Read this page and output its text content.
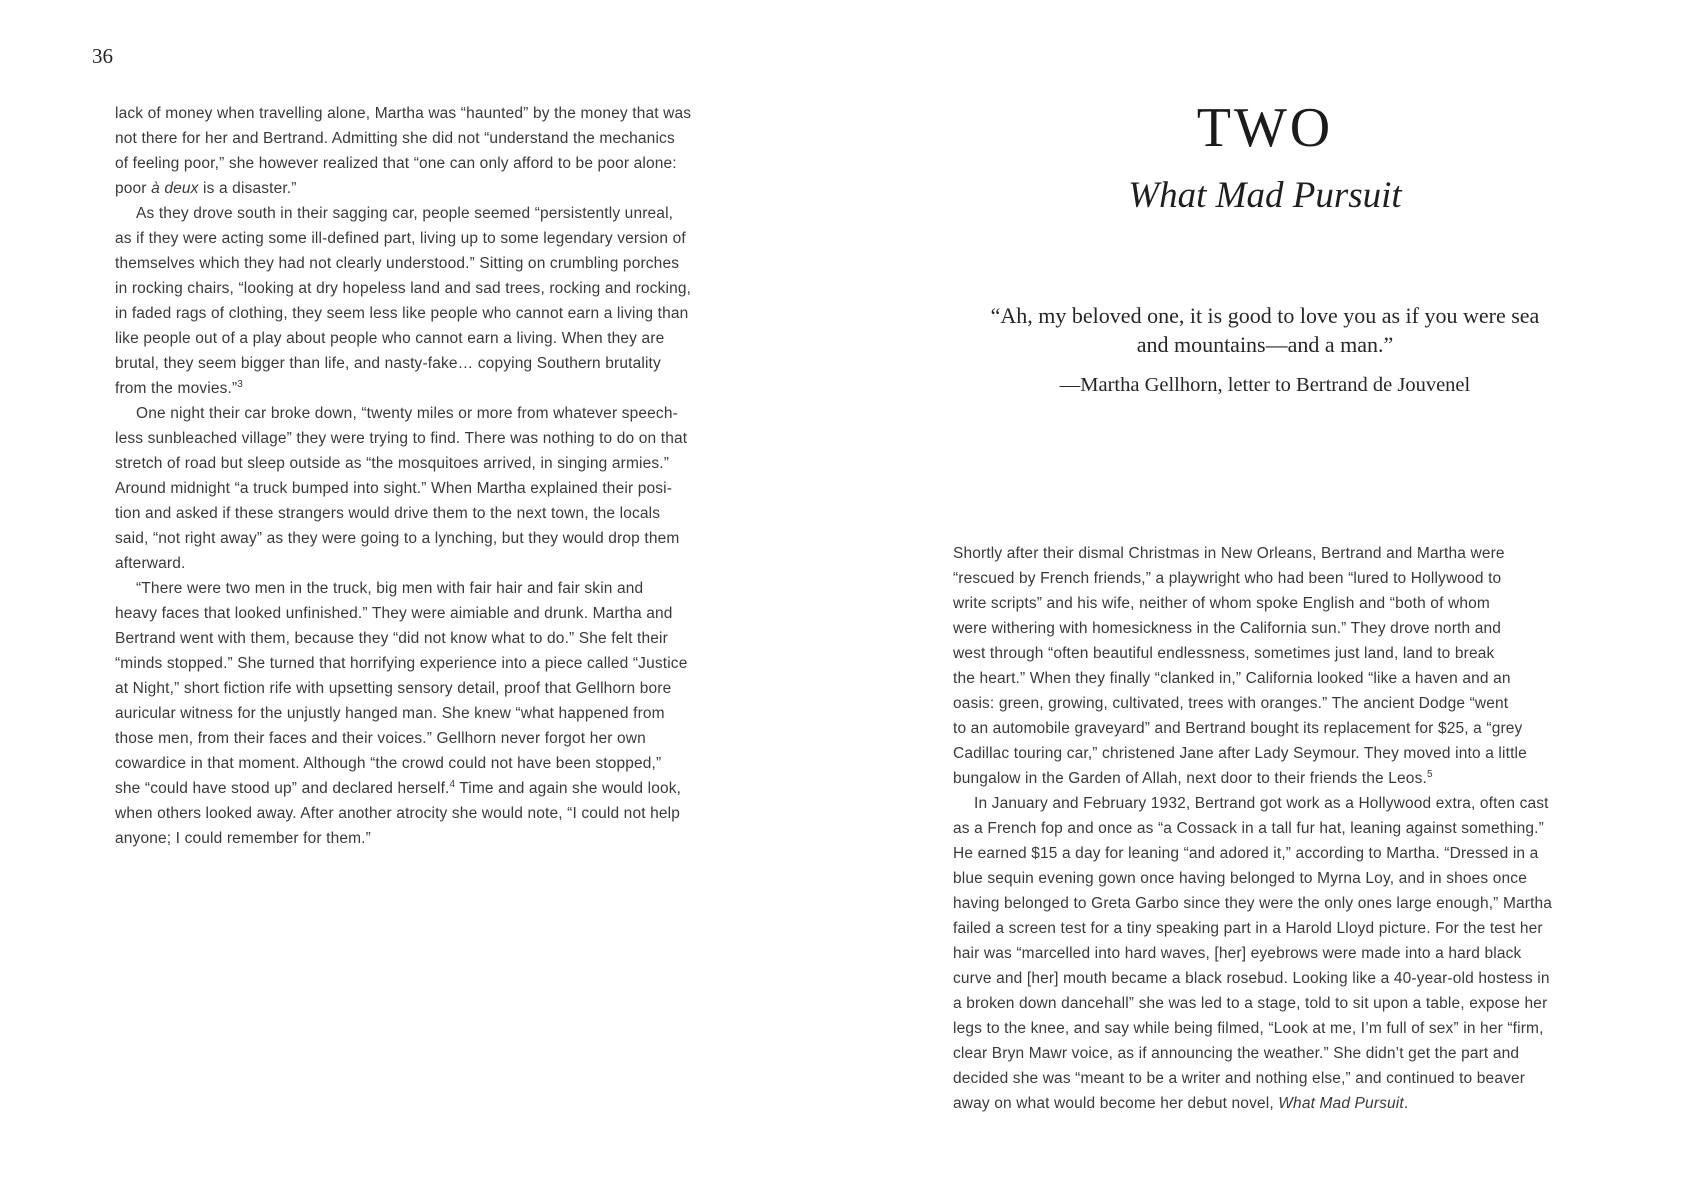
36
lack of money when travelling alone, Martha was “haunted” by the money that was
not there for her and Bertrand. Admitting she did not “understand the mechanics
of feeling poor,” she however realized that “one can only afford to be poor alone:
poor à deux is a disaster.”
As they drove south in their sagging car, people seemed “persistently unreal,
as if they were acting some ill-defined part, living up to some legendary version of
themselves which they had not clearly understood.” Sitting on crumbling porches
in rocking chairs, “looking at dry hopeless land and sad trees, rocking and rocking,
in faded rags of clothing, they seem less like people who cannot earn a living than
like people out of a play about people who cannot earn a living. When they are
brutal, they seem bigger than life, and nasty-fake… copying Southern brutality
from the movies.”$^3$
One night their car broke down, “twenty miles or more from whatever speech-
less sunbleached village” they were trying to find. There was nothing to do on that
stretch of road but sleep outside as “the mosquitoes arrived, in singing armies.”
Around midnight “a truck bumped into sight.” When Martha explained their posi-
tion and asked if these strangers would drive them to the next town, the locals
said, “not right away” as they were going to a lynching, but they would drop them
afterward.
“There were two men in the truck, big men with fair hair and fair skin and
heavy faces that looked unfinished.” They were aimiable and drunk. Martha and
Bertrand went with them, because they “did not know what to do.” She felt their
“minds stopped.” She turned that horrifying experience into a piece called “Justice
at Night,” short fiction rife with upsetting sensory detail, proof that Gellhorn bore
auricular witness for the unjustly hanged man. She knew “what happened from
those men, from their faces and their voices.” Gellhorn never forgot her own
cowardice in that moment. Although “the crowd could not have been stopped,”
she “could have stood up” and declared herself.$^4$ Time and again she would look,
when others looked away. After another atrocity she would note, “I could not help
anyone; I could remember for them.”
TWO
What Mad Pursuit
“Ah, my beloved one, it is good to love you as if you were sea
and mountains—and a man.”
—Martha Gellhorn, letter to Bertrand de Jouvenel
Shortly after their dismal Christmas in New Orleans, Bertrand and Martha were
“rescued by French friends,” a playwright who had been “lured to Hollywood to
write scripts” and his wife, neither of whom spoke English and “both of whom
were withering with homesickness in the California sun.” They drove north and
west through “often beautiful endlessness, sometimes just land, land to break
the heart.” When they finally “clanked in,” California looked “like a haven and an
oasis: green, growing, cultivated, trees with oranges.” The ancient Dodge “went
to an automobile graveyard” and Bertrand bought its replacement for $25, a “grey
Cadillac touring car,” christened Jane after Lady Seymour. They moved into a little
bungalow in the Garden of Allah, next door to their friends the Leos.$^5$
In January and February 1932, Bertrand got work as a Hollywood extra, often cast
as a French fop and once as “a Cossack in a tall fur hat, leaning against something.”
He earned $15 a day for leaning “and adored it,” according to Martha. “Dressed in a
blue sequin evening gown once having belonged to Myrna Loy, and in shoes once
having belonged to Greta Garbo since they were the only ones large enough,” Martha
failed a screen test for a tiny speaking part in a Harold Lloyd picture. For the test her
hair was “marcelled into hard waves, [her] eyebrows were made into a hard black
curve and [her] mouth became a black rosebud. Looking like a 40-year-old hostess in
a broken down dancehall” she was led to a stage, told to sit upon a table, expose her
legs to the knee, and say while being filmed, “Look at me, I’m full of sex” in her “firm,
clear Bryn Mawr voice, as if announcing the weather.” She didn’t get the part and
decided she was “meant to be a writer and nothing else,” and continued to beaver
away on what would become her debut novel, What Mad Pursuit.
